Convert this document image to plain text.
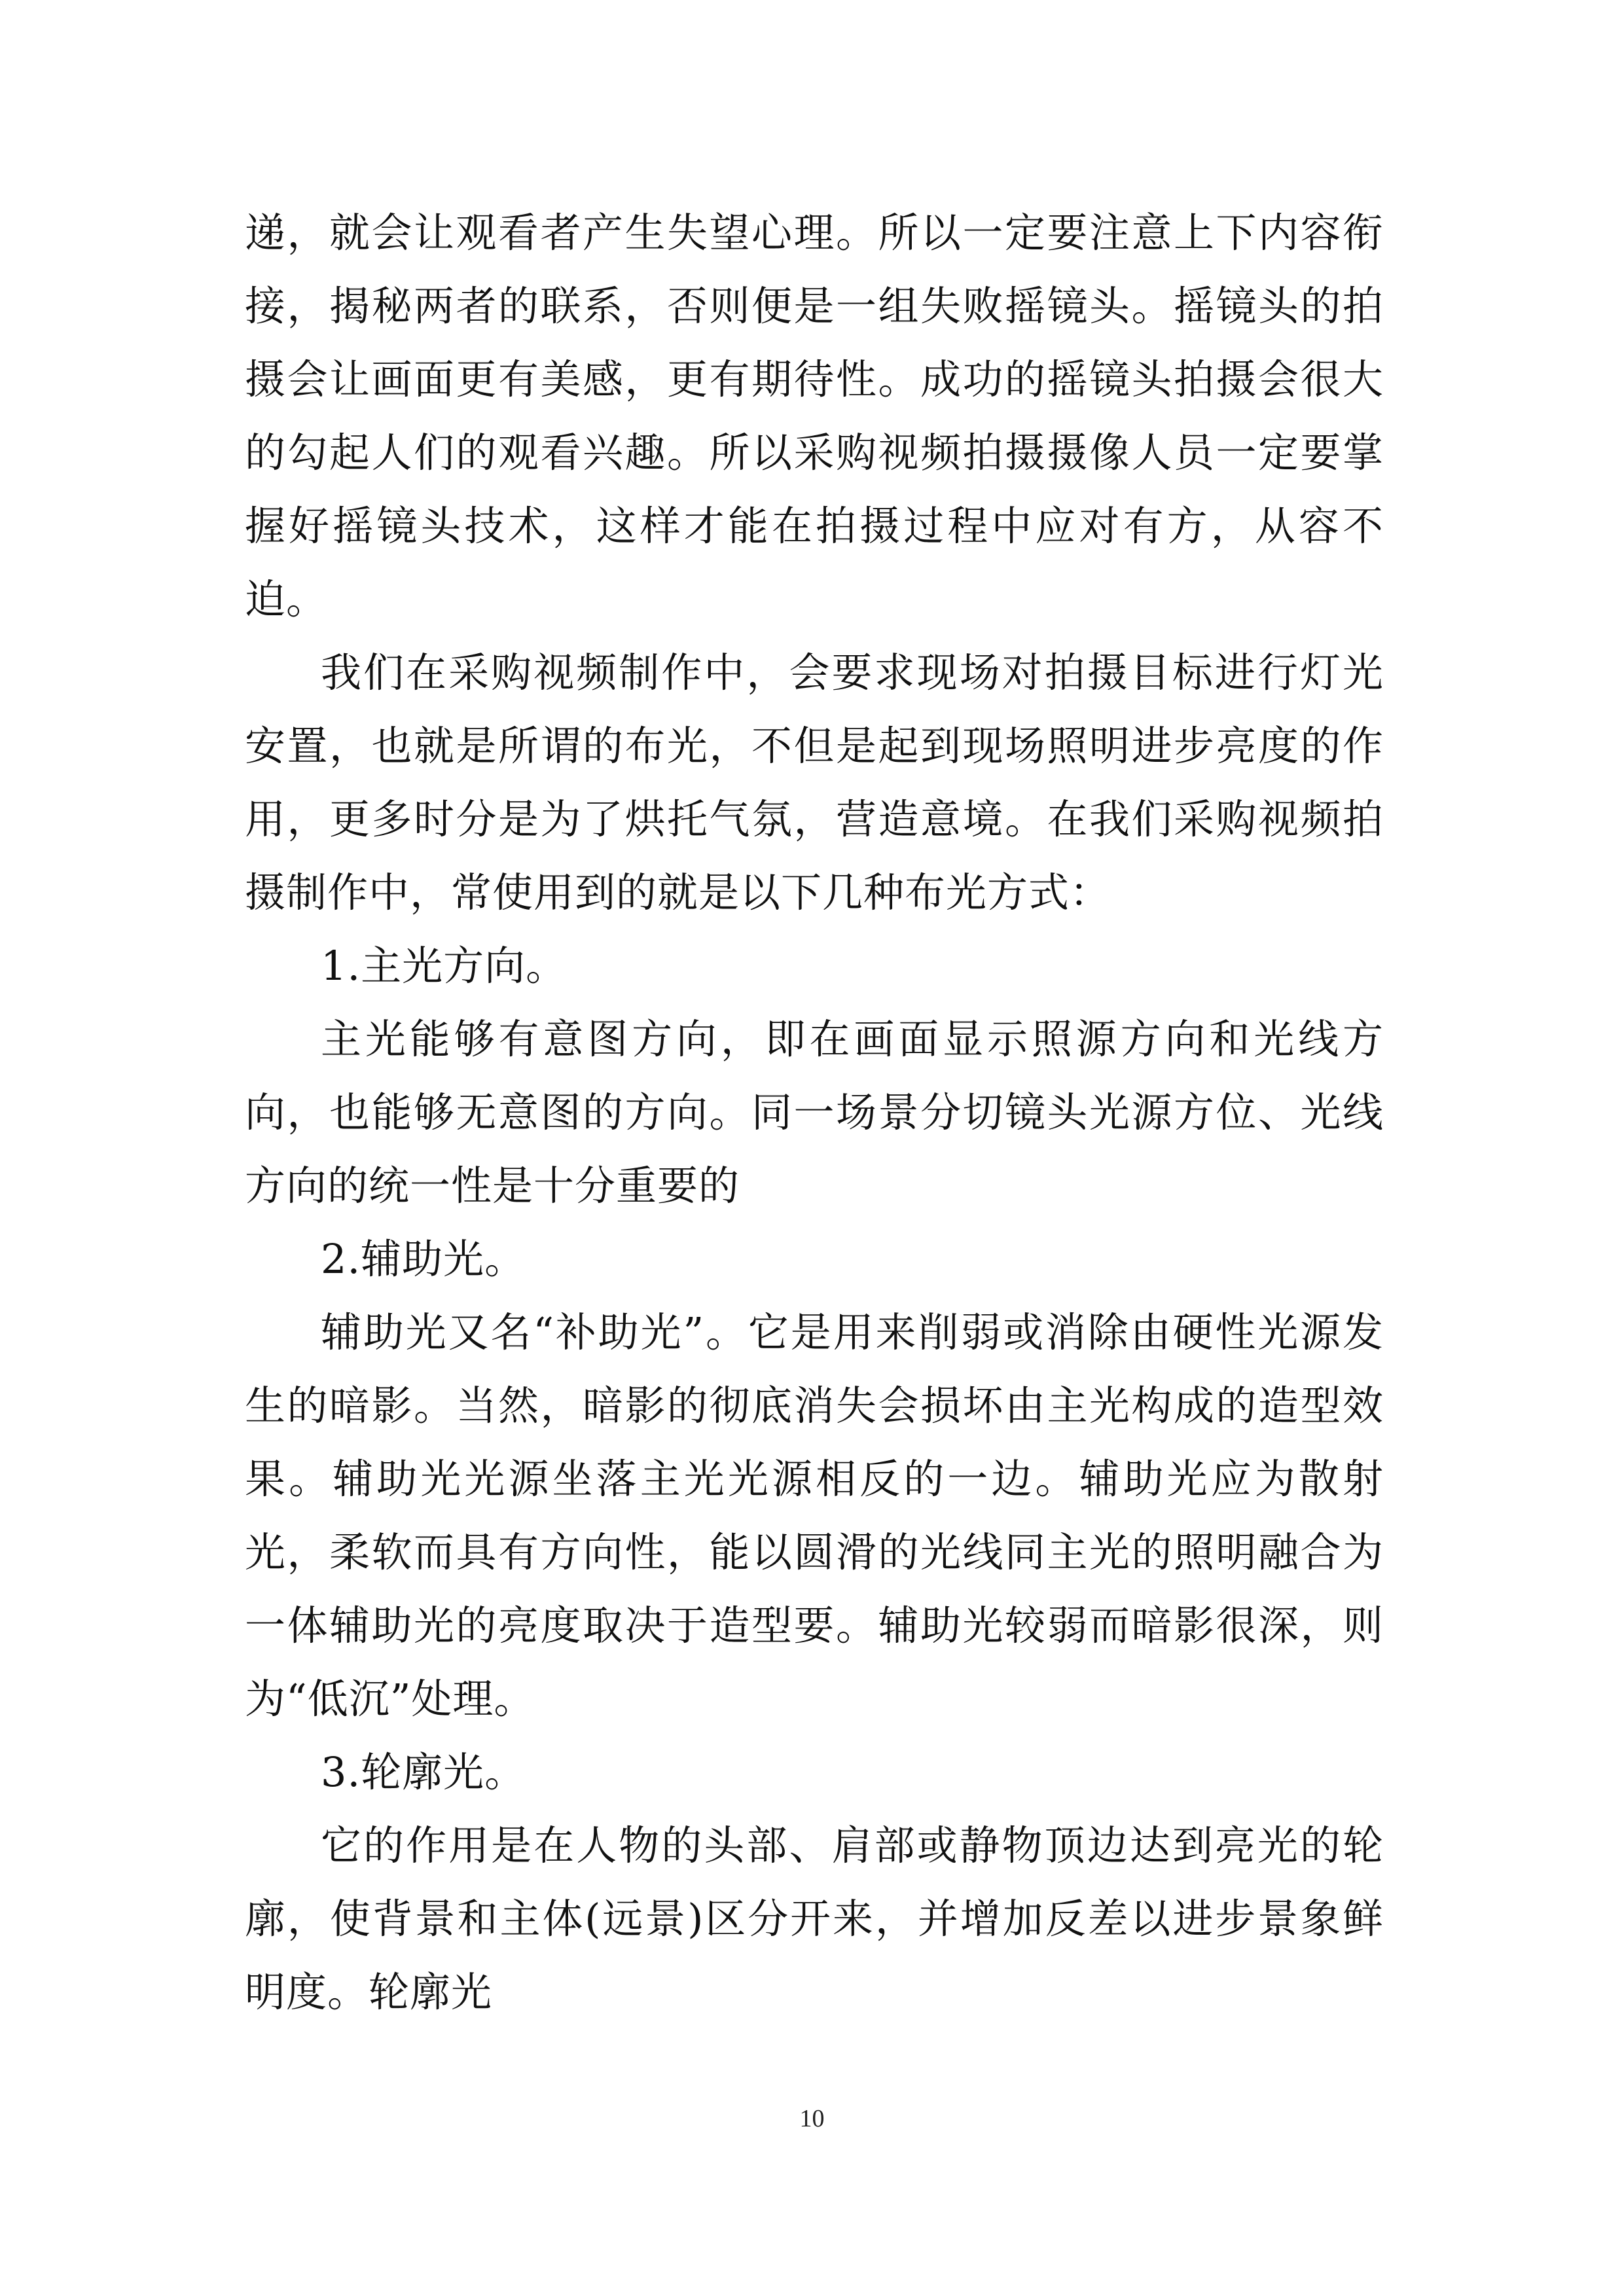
递，就会让观看者产生失望心理。所以一定要注意上下内容衔接，揭秘两者的联系，否则便是一组失败摇镜头。摇镜头的拍摄会让画面更有美感，更有期待性。成功的摇镜头拍摄会很大的勾起人们的观看兴趣。所以采购视频拍摄摄像人员一定要掌握好摇镜头技术，这样才能在拍摄过程中应对有方，从容不迫。

我们在采购视频制作中，会要求现场对拍摄目标进行灯光安置，也就是所谓的布光，不但是起到现场照明进步亮度的作用，更多时分是为了烘托气氛，营造意境。在我们采购视频拍摄制作中，常使用到的就是以下几种布光方式：

1.主光方向。

主光能够有意图方向，即在画面显示照源方向和光线方向，也能够无意图的方向。同一场景分切镜头光源方位、光线方向的统一性是十分重要的

2.辅助光。

辅助光又名“补助光”。它是用来削弱或消除由硬性光源发生的暗影。当然，暗影的彻底消失会损坏由主光构成的造型效果。辅助光光源坐落主光光源相反的一边。辅助光应为散射光，柔软而具有方向性，能以圆滑的光线同主光的照明融合为一体辅助光的亮度取决于造型要。辅助光较弱而暗影很深，则为“低沉”处理。

3.轮廓光。

它的作用是在人物的头部、肩部或静物顶边达到亮光的轮廓，使背景和主体(远景)区分开来，并增加反差以进步景象鲜明度。轮廓光

10
